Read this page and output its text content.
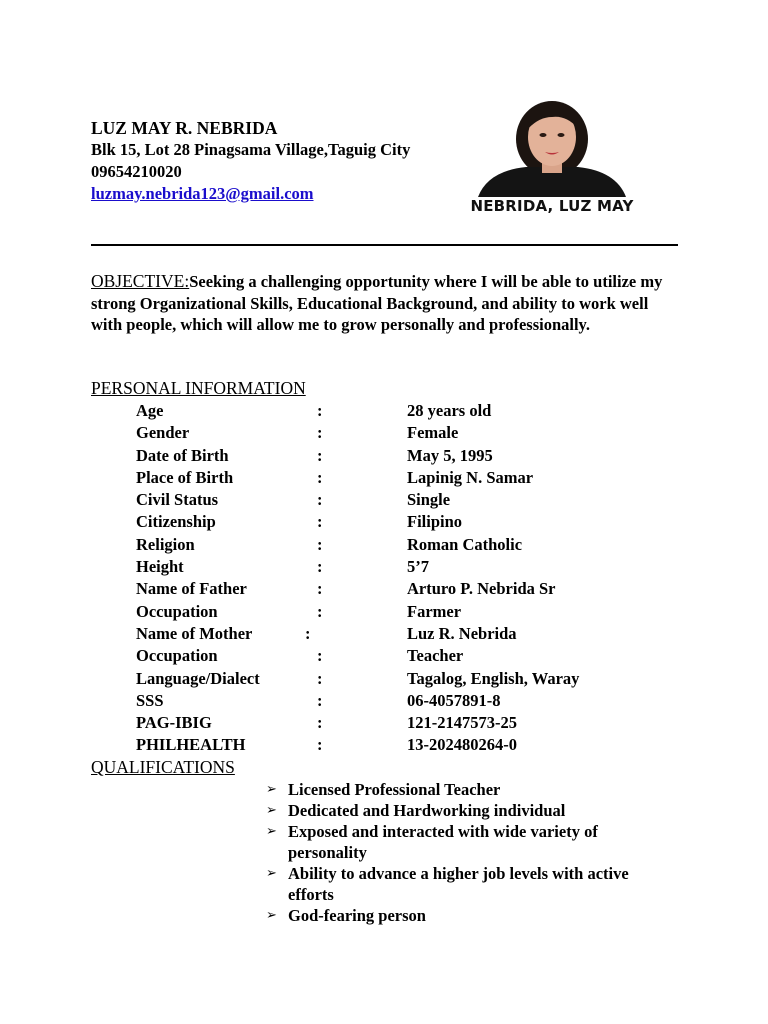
LUZ MAY R. NEBRIDA
Blk 15, Lot 28 Pinagsama Village,Taguig City
09654210020
luzmay.nebrida123@gmail.com
NEBRIDA, LUZ MAY
OBJECTIVE:Seeking a challenging opportunity where I will be able to utilize my strong Organizational Skills, Educational Background, and ability to work well with people, which will allow me to grow personally and professionally.
PERSONAL INFORMATION
Age	:	28 years old
Gender	:	Female
Date of Birth	:	May 5, 1995
Place of Birth	:	Lapinig N. Samar
Civil Status	:	Single
Citizenship	:	Filipino
Religion	:	Roman Catholic
Height	:	5’7
Name of Father	:	Arturo P. Nebrida Sr
Occupation	:	Farmer
Name of Mother	:	Luz R. Nebrida
Occupation	:	Teacher
Language/Dialect	:	Tagalog, English, Waray
SSS	:	06-4057891-8
PAG-IBIG	:	121-2147573-25
PHILHEALTH	:	13-202480264-0
QUALIFICATIONS
➢ Licensed Professional Teacher
➢ Dedicated and Hardworking individual
➢ Exposed and interacted with wide variety of personality
➢ Ability to advance a higher job levels with active efforts
➢ God-fearing person
